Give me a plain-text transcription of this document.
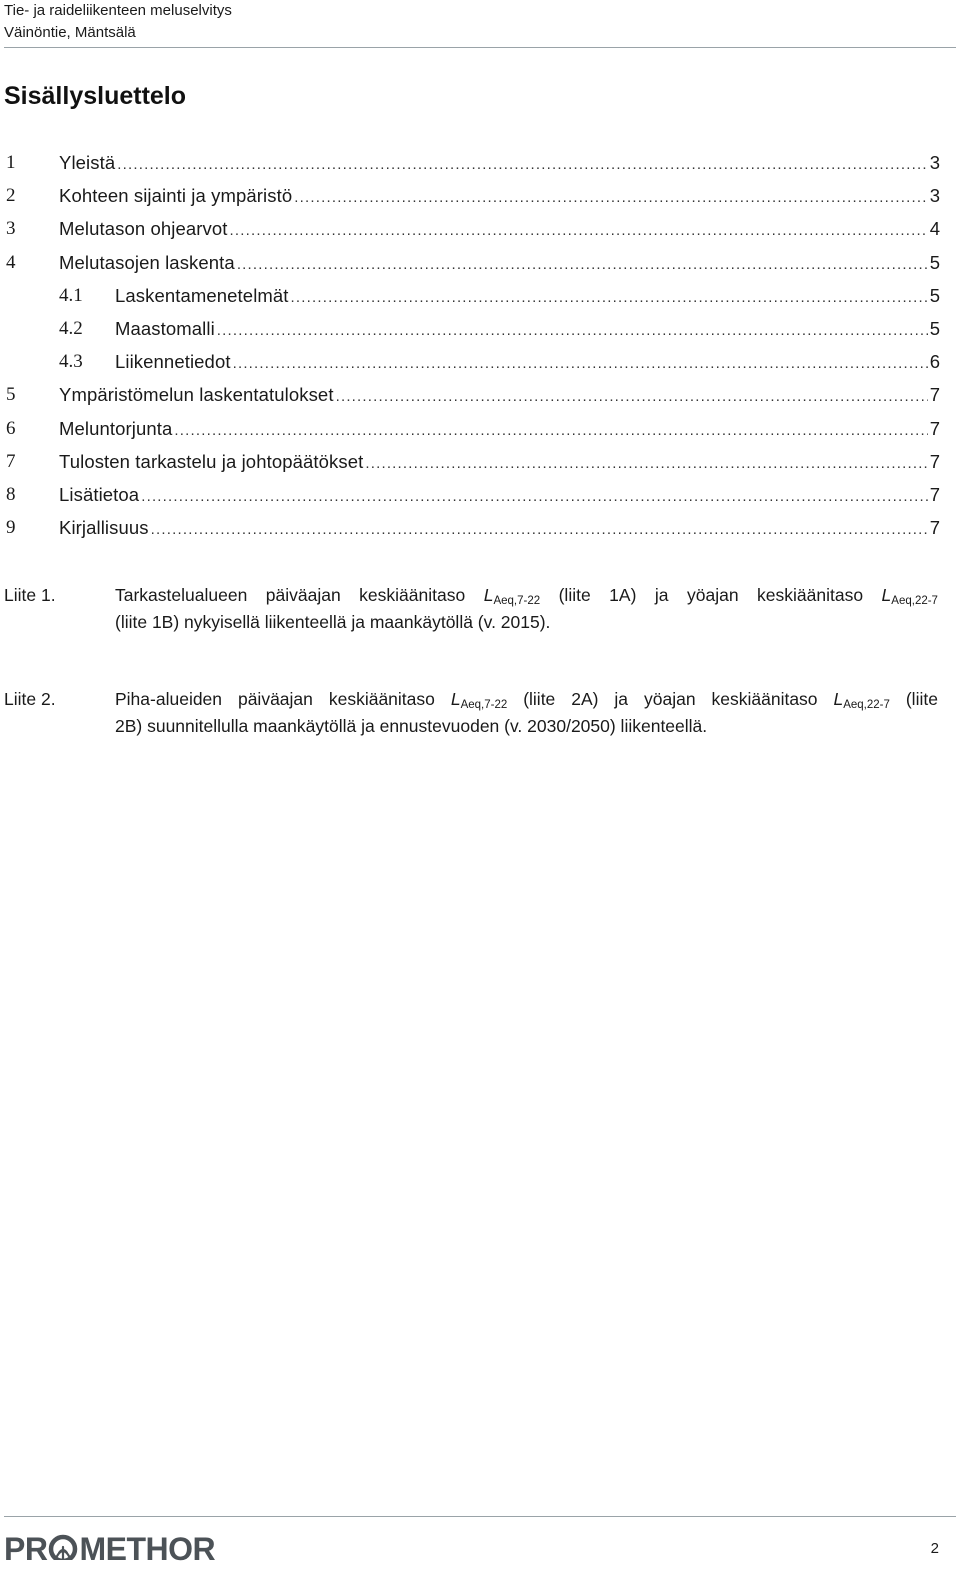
Tie- ja raideliikenteen meluselvitys
Väinöntie, Mäntsälä
Sisällysluettelo
1 Yleistä .....	3
2 Kohteen sijainti ja ympäristö .....	3
3 Melutason ohjearvot .....	4
4 Melutasojen laskenta .....	5
4.1 Laskentamenetelmät .....	5
4.2 Maastomalli .....	5
4.3 Liikennetiedot .....	6
5 Ympäristömelun laskentatulokset .....	7
6 Meluntorjunta .....	7
7 Tulosten tarkastelu ja johtopäätökset .....	7
8 Lisätietoa .....	7
9 Kirjallisuus .....	7
Liite 1.	Tarkastelualueen päiväajan keskiäänitaso LAeq,7-22 (liite 1A) ja yöajan keskiäänitaso LAeq,22-7
(liite 1B) nykyisellä liikenteellä ja maankäytöllä (v. 2015).
Liite 2.	Piha-alueiden päiväajan keskiäänitaso LAeq,7-22 (liite 2A) ja yöajan keskiäänitaso LAeq,22-7 (liite
2B) suunnitellulla maankäytöllä ja ennustevuoden (v. 2030/2050) liikenteellä.
PR METHOR	2
